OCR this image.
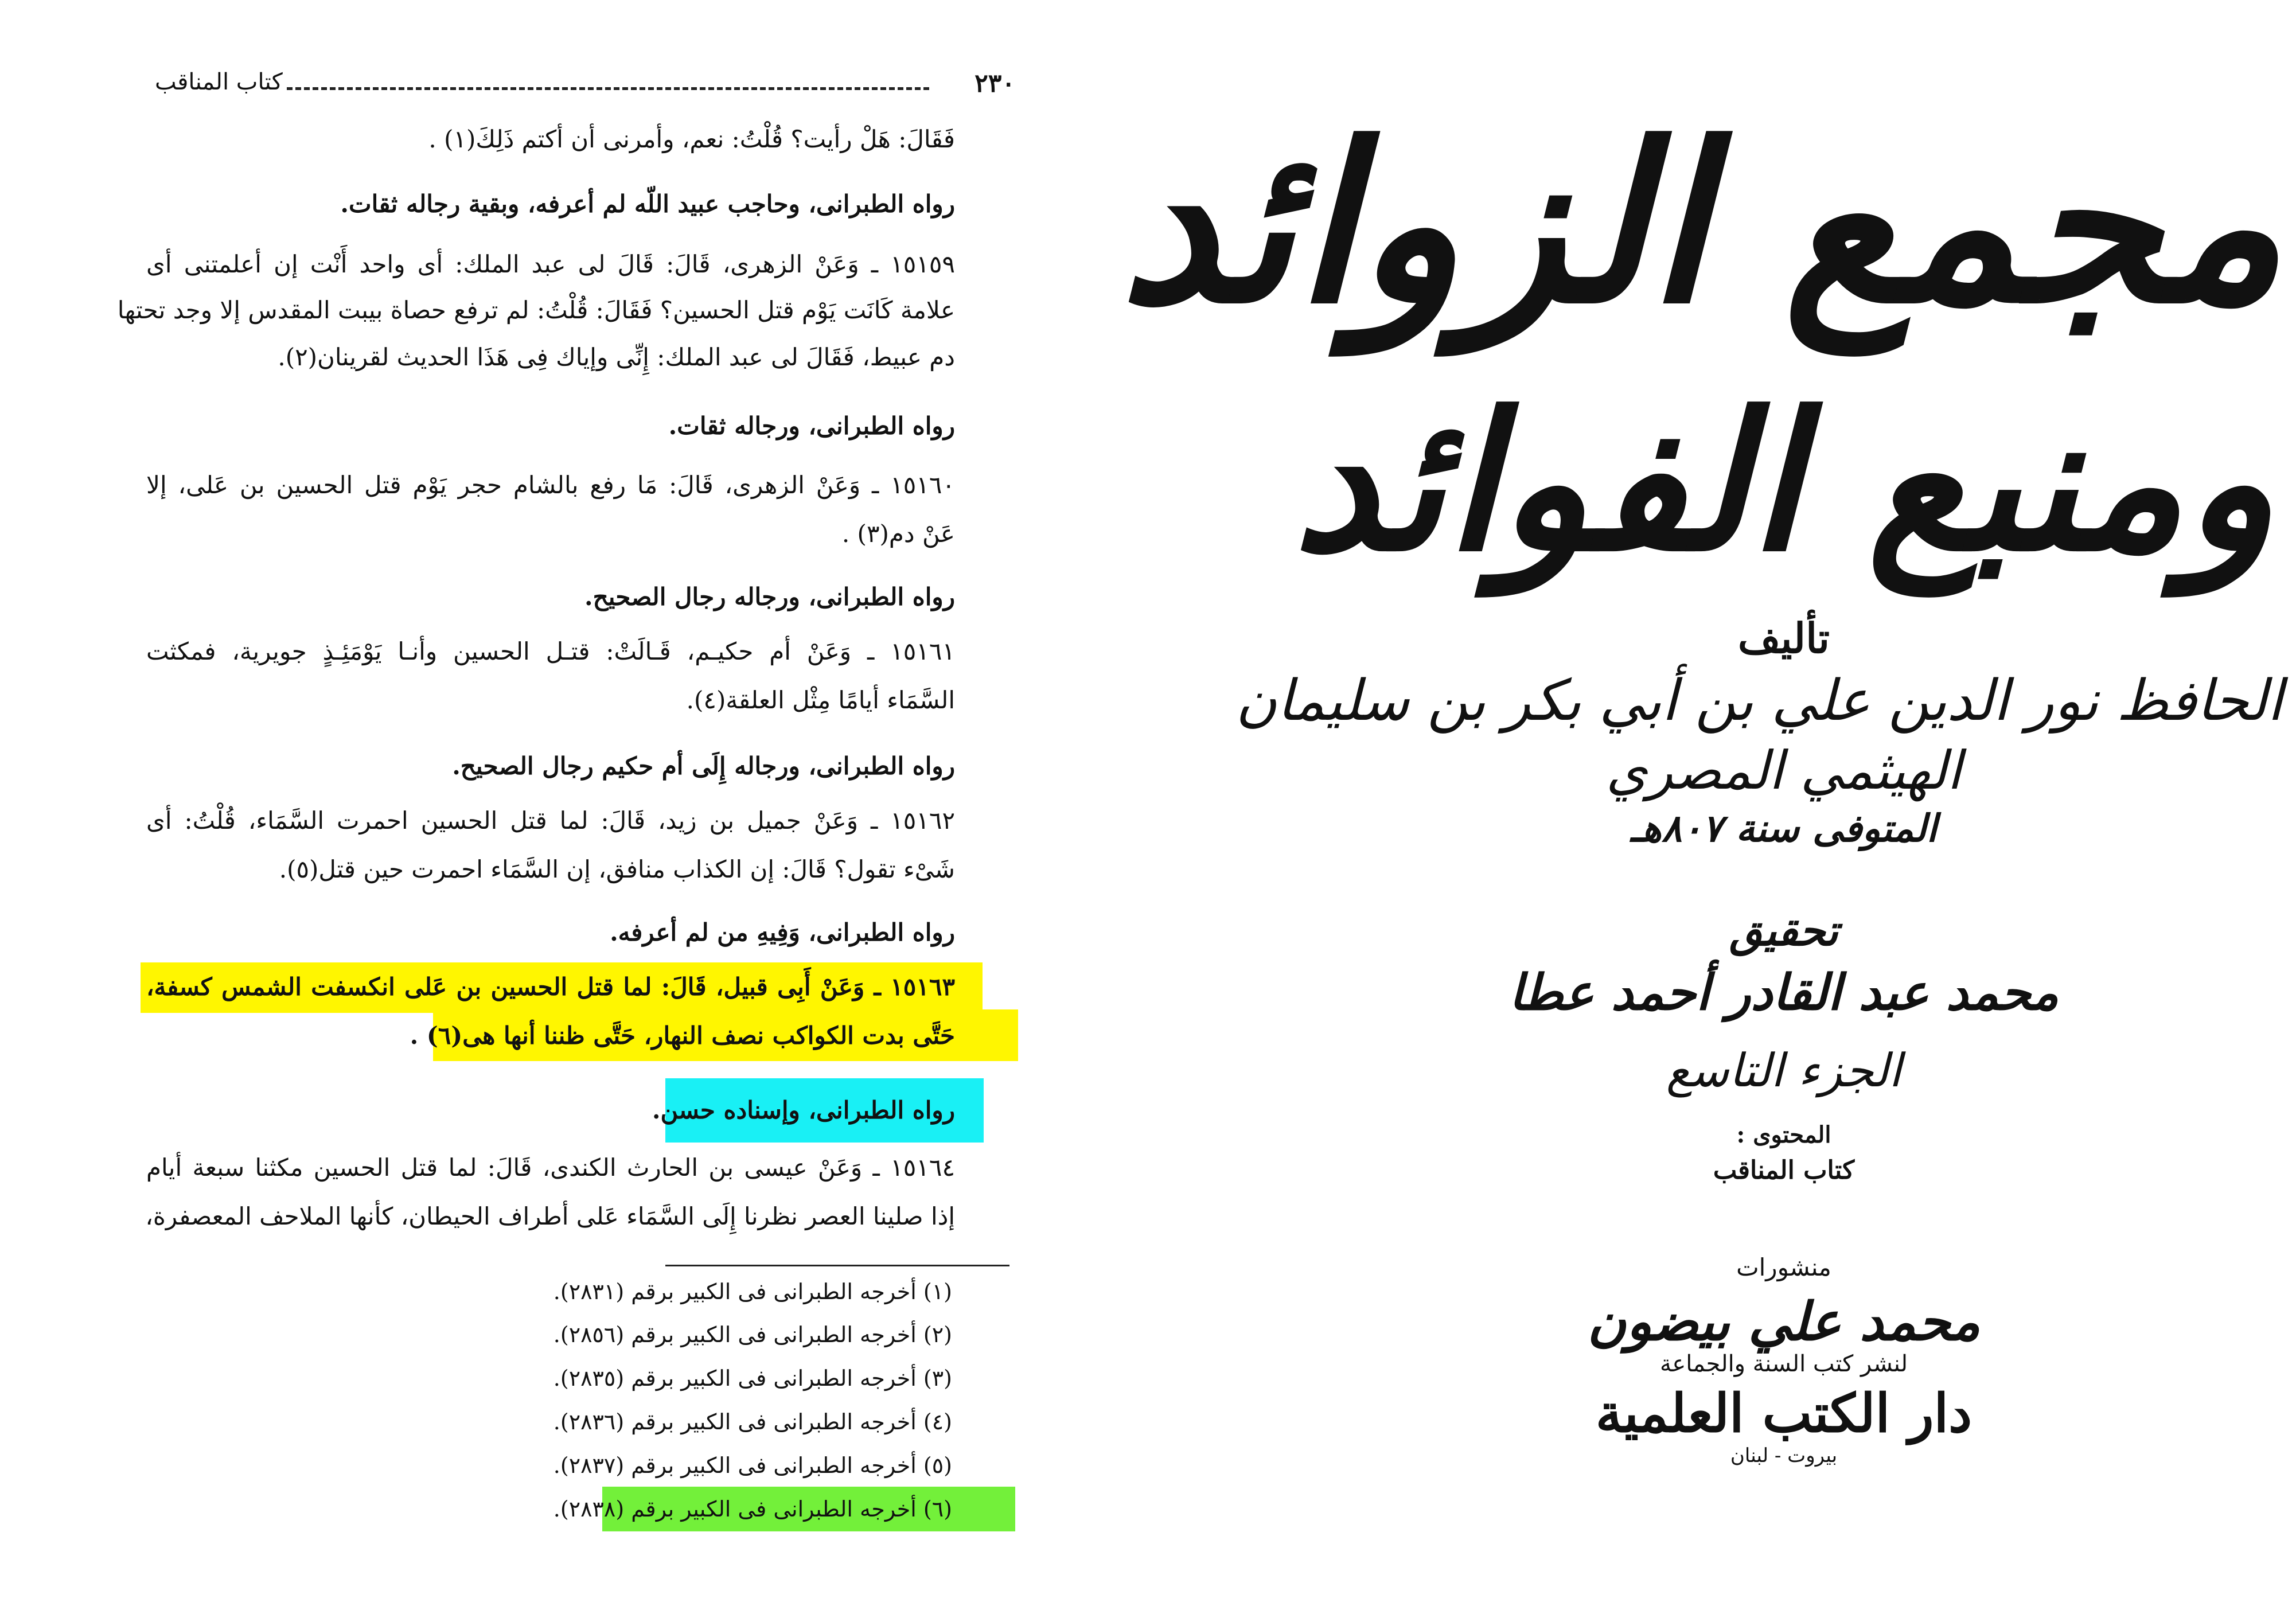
٢٣٠
كتاب المناقب
فَقَالَ: هَلْ رأيت؟ قُلْتُ: نعم، وأمرنى أن أكتم ذَلِكَ(١) .
رواه الطبرانى، وحاجب عبيد اللّه لم أعرفه، وبقية رجاله ثقات.
١٥١٥٩ ـ وَعَنْ الزهرى، قَالَ: قَالَ لى عبد الملك: أى واحد أَنْت إن أعلمتنى أى
علامة كَانَت يَوْم قتل الحسين؟ فَقَالَ: قُلْتُ: لم ترفع حصاة بيبت المقدس إلا وجد تحتها
دم عبيط، فَقَالَ لى عبد الملك: إِنِّى وإياك فِى هَذَا الحديث لقرينان(٢).
رواه الطبرانى، ورجاله ثقات.
١٥١٦٠ ـ وَعَنْ الزهرى، قَالَ: مَا رفع بالشام حجر يَوْم قتل الحسين بن عَلى، إلا
عَنْ دم(٣) .
رواه الطبرانى، ورجاله رجال الصحيح.
١٥١٦١ ـ وَعَنْ أم حكيـم، قَـالَتْ: قتـل الحسين وأنـا يَوْمَئِـذٍ جويرية، فمكثت
السَّمَاء أيامًا مِثْل العلقة(٤).
رواه الطبرانى، ورجاله إِلَى أم حكيم رجال الصحيح.
١٥١٦٢ ـ وَعَنْ جميل بن زيد، قَالَ: لما قتل الحسين احمرت السَّمَاء، قُلْتُ: أى
شَىْء تقول؟ قَالَ: إن الكذاب منافق، إن السَّمَاء احمرت حين قتل(٥).
رواه الطبرانى، وَفِيهِ من لم أعرفه.
١٥١٦٣ ـ وَعَنْ أَبِى قبيل، قَالَ: لما قتل الحسين بن عَلى انكسفت الشمس كسفة،
حَتَّى بدت الكواكب نصف النهار، حَتَّى ظننا أنها هى(٦) .
رواه الطبرانى، وإسناده حسن.
١٥١٦٤ ـ وَعَنْ عيسى بن الحارث الكندى، قَالَ: لما قتل الحسين مكثنا سبعة أيام
إذا صلينا العصر نظرنا إِلَى السَّمَاء عَلى أطراف الحيطان، كأنها الملاحف المعصفرة،
(١) أخرجه الطبرانى فى الكبير برقم (٢٨٣١).
(٢) أخرجه الطبرانى فى الكبير برقم (٢٨٥٦).
(٣) أخرجه الطبرانى فى الكبير برقم (٢٨٣٥).
(٤) أخرجه الطبرانى فى الكبير برقم (٢٨٣٦).
(٥) أخرجه الطبرانى فى الكبير برقم (٢٨٣٧).
(٦) أخرجه الطبرانى فى الكبير برقم (٢٨٣٨).
مجمع الزوائد
ومنبع الفوائد
تأليف
الحافظ نور الدين علي بن أبي بكر بن سليمان
الهيثمي المصري
المتوفى سنة ٨٠٧هـ
تحقيق
محمد عبد القادر أحمد عطا
الجزء التاسع
المحتوى :
كتاب المناقب
منشورات
محمد علي بيضون
لنشر كتب السنة والجماعة
دار الكتب العلمية
بيروت - لبنان
